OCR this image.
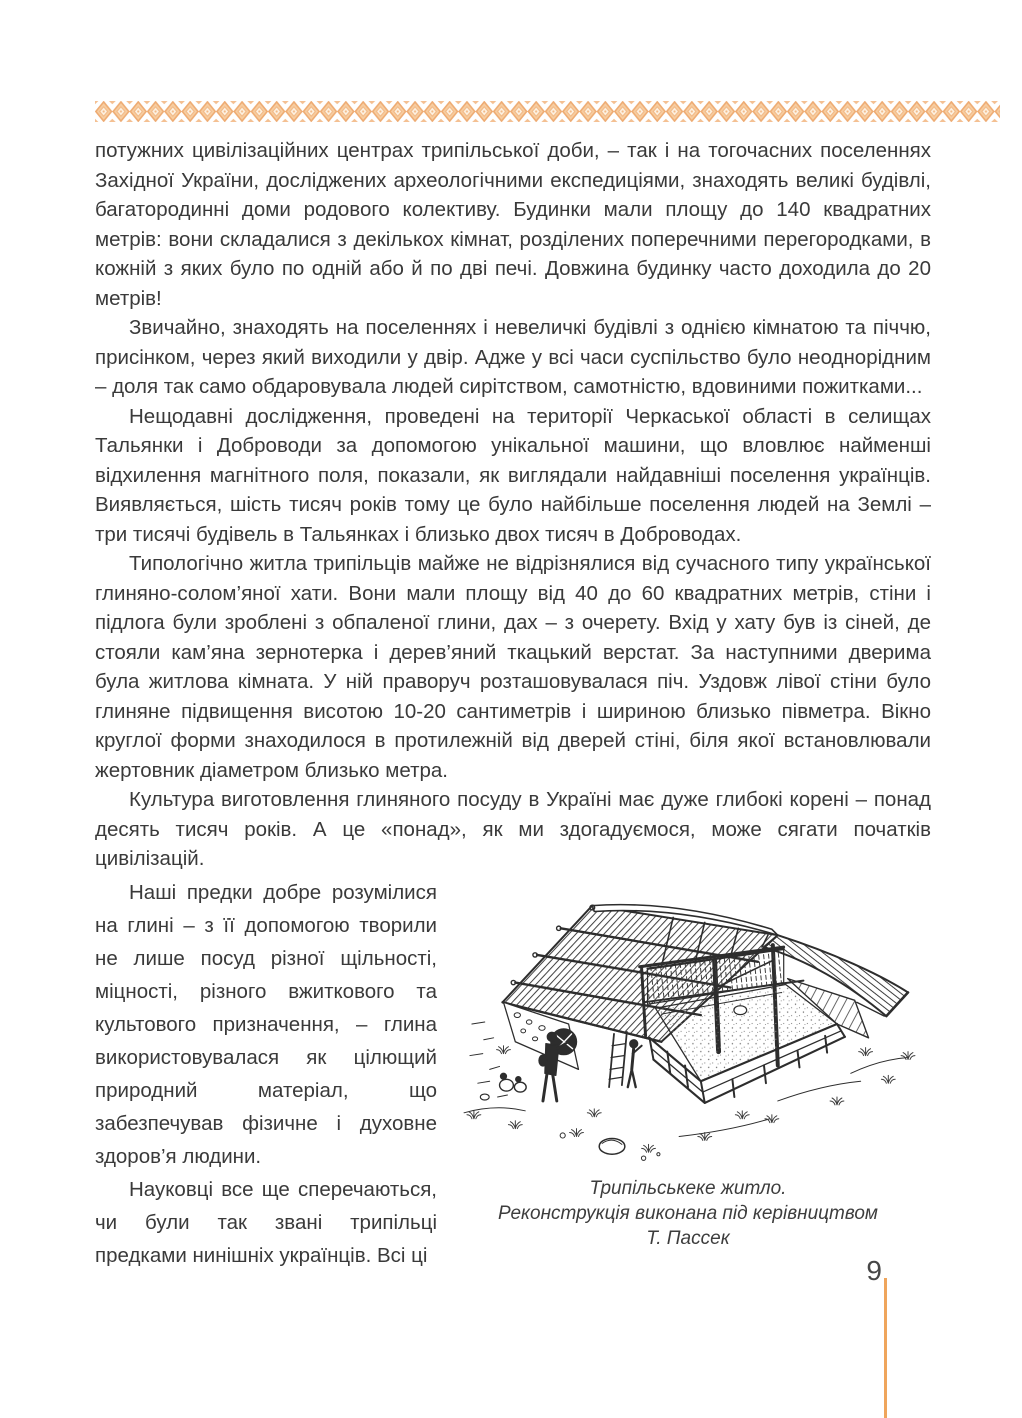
потужних цивілізаційних центрах трипільської доби, – так і на тогочасних поселеннях Західної України, досліджених археологічними експедиціями, знаходять великі будівлі, багатородинні доми родового колективу. Будинки мали площу до 140 квадратних метрів: вони складалися з декількох кімнат, розділених поперечними перегородками, в кожній з яких було по одній або й по дві печі. Довжина будинку часто доходила до 20 метрів!

Звичайно, знаходять на поселеннях і невеличкі будівлі з однією кімнатою та піччю, присінком, через який виходили у двір. Адже у всі часи суспільство було неоднорідним – доля так само обдаровувала людей сирітством, самотністю, вдовиними пожитками...

Нещодавні дослідження, проведені на території Черкаської області в селищах Тальянки і Доброводи за допомогою унікальної машини, що вловлює найменші відхилення магнітного поля, показали, як виглядали найдавніші поселення українців. Виявляється, шість тисяч років тому це було найбільше поселення людей на Землі – три тисячі будівель в Тальянках і близько двох тисяч в Доброводах.

Типологічно житла трипільців майже не відрізнялися від сучасного типу української глиняно-солом’яної хати. Вони мали площу від 40 до 60 квадратних метрів, стіни і підлога були зроблені з обпаленої глини, дах – з очерету. Вхід у хату був із сіней, де стояли кам’яна зернотерка і дерев’яний ткацький верстат. За наступними дверима була житлова кімната. У ній праворуч розташовувалася піч. Уздовж лівої стіни було глиняне підвищення висотою 10-20 сантиметрів і шириною близько півметра. Вікно круглої форми знаходилося в протилежній від дверей стіні, біля якої встановлювали жертовник діаметром близько метра.

Культура виготовлення глиняного посуду в Україні має дуже глибокі корені – понад десять тисяч років. А це «понад», як ми здогадуємося, може сягати початків цивілізацій.

Наші предки добре розумілися на глині – з її допомогою творили не лише посуд різної щільності, міцності, різного вжиткового та культового призначення, – глина використовувалася як цілющий природний матеріал, що забезпечував фізичне і духовне здоров’я людини.

Науковці все ще сперечаються, чи були так звані трипільці предками нинішніх українців. Всі ці

Трипільськеке житло.
Реконструкція виконана під керівництвом
Т. Пассек
9
